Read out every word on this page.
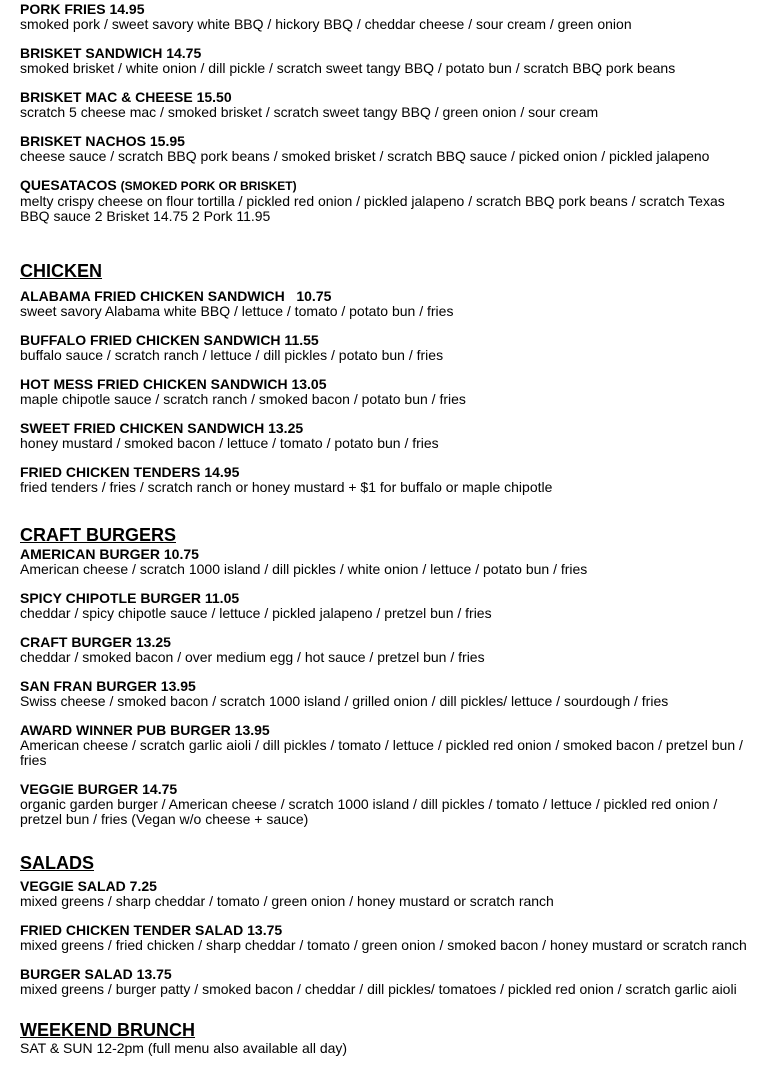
PORK FRIES 14.95
smoked pork / sweet savory white BBQ / hickory BBQ / cheddar cheese / sour cream / green onion
BRISKET SANDWICH 14.75
smoked brisket / white onion / dill pickle / scratch sweet tangy BBQ / potato bun / scratch BBQ pork beans
BRISKET MAC & CHEESE 15.50
scratch 5 cheese mac / smoked brisket / scratch sweet tangy BBQ / green onion / sour cream
BRISKET NACHOS 15.95
cheese sauce / scratch BBQ pork beans / smoked brisket / scratch BBQ sauce / picked onion / pickled jalapeno
QUESATACOS (SMOKED PORK OR BRISKET)
melty crispy cheese on flour tortilla / pickled red onion / pickled jalapeno / scratch BBQ pork beans / scratch Texas BBQ sauce 2 Brisket 14.75 2 Pork 11.95
CHICKEN
ALABAMA FRIED CHICKEN SANDWICH   10.75
sweet savory Alabama white BBQ / lettuce / tomato / potato bun / fries
BUFFALO FRIED CHICKEN SANDWICH 11.55
buffalo sauce / scratch ranch / lettuce / dill pickles / potato bun / fries
HOT MESS FRIED CHICKEN SANDWICH 13.05
maple chipotle sauce / scratch ranch / smoked bacon / potato bun / fries
SWEET FRIED CHICKEN SANDWICH 13.25
honey mustard / smoked bacon / lettuce / tomato / potato bun / fries
FRIED CHICKEN TENDERS 14.95
fried tenders / fries / scratch ranch or honey mustard + $1 for buffalo or maple chipotle
CRAFT BURGERS
AMERICAN BURGER 10.75
American cheese / scratch 1000 island / dill pickles / white onion / lettuce / potato bun / fries
SPICY CHIPOTLE BURGER 11.05
cheddar / spicy chipotle sauce / lettuce / pickled jalapeno / pretzel bun / fries
CRAFT BURGER 13.25
cheddar / smoked bacon / over medium egg / hot sauce / pretzel bun / fries
SAN FRAN BURGER 13.95
Swiss cheese / smoked bacon / scratch 1000 island / grilled onion / dill pickles/ lettuce / sourdough / fries
AWARD WINNER PUB BURGER 13.95
American cheese / scratch garlic aioli / dill pickles / tomato / lettuce / pickled red onion / smoked bacon / pretzel bun / fries
VEGGIE BURGER 14.75
organic garden burger / American cheese / scratch 1000 island / dill pickles / tomato / lettuce / pickled red onion / pretzel bun / fries (Vegan w/o cheese + sauce)
SALADS
VEGGIE SALAD 7.25
mixed greens / sharp cheddar / tomato / green onion / honey mustard or scratch ranch
FRIED CHICKEN TENDER SALAD 13.75
mixed greens / fried chicken / sharp cheddar / tomato / green onion / smoked bacon / honey mustard or scratch ranch
BURGER SALAD 13.75
mixed greens / burger patty / smoked bacon / cheddar / dill pickles/ tomatoes / pickled red onion / scratch garlic aioli
WEEKEND BRUNCH
SAT & SUN 12-2pm (full menu also available all day)
